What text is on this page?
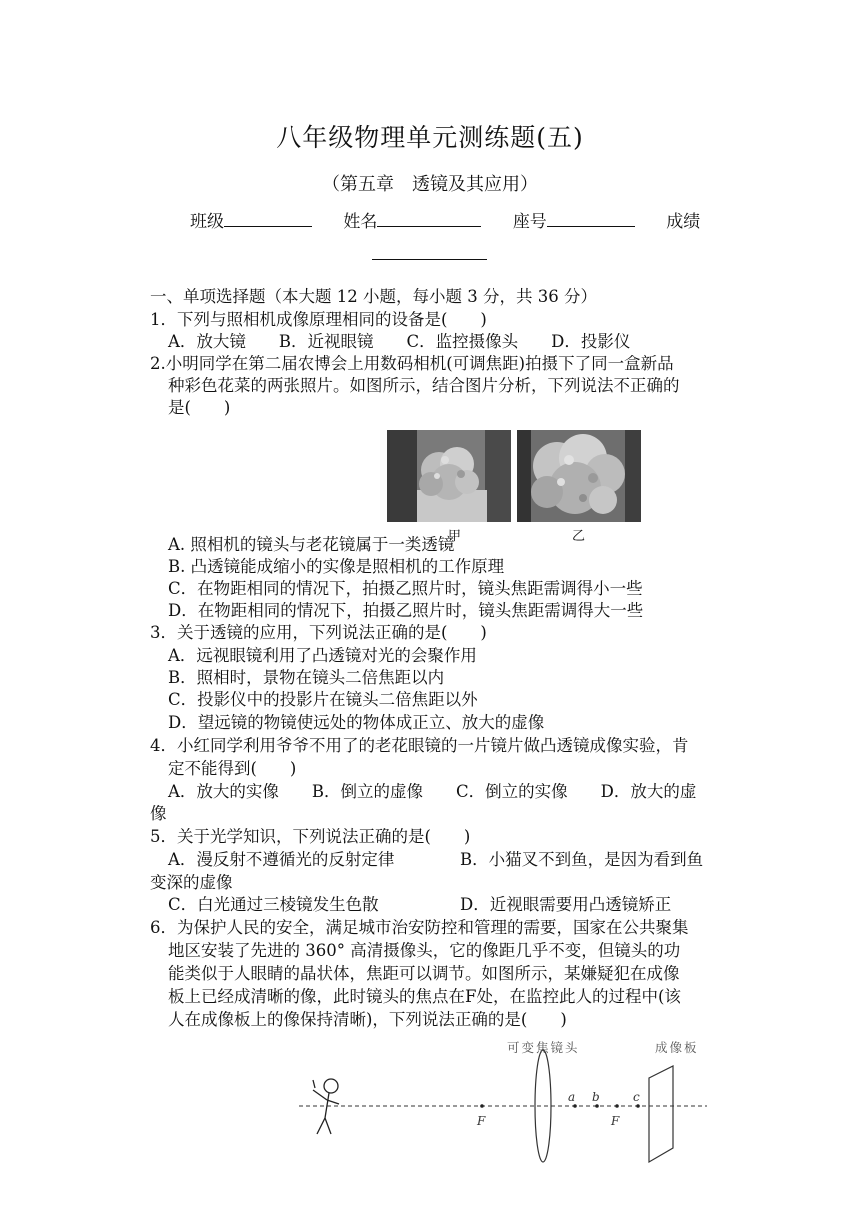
八年级物理单元测练题(五)
（第五章　透镜及其应用）
班级	姓名	座号	成绩
一、单项选择题（本大题 12 小题，每小题 3 分，共 36 分）
1．下列与照相机成像原理相同的设备是(　　)
A．放大镜　　B．近视眼镜　　C．监控摄像头　　D．投影仪
2.小明同学在第二届农博会上用数码相机(可调焦距)拍摄下了同一盒新品
种彩色花菜的两张照片。如图所示，结合图片分析，下列说法不正确的
是(　　)
甲	乙
A. 照相机的镜头与老花镜属于一类透镜
B. 凸透镜能成缩小的实像是照相机的工作原理
C．在物距相同的情况下，拍摄乙照片时，镜头焦距需调得小一些
D．在物距相同的情况下，拍摄乙照片时，镜头焦距需调得大一些
3．关于透镜的应用，下列说法正确的是(　　)
A．远视眼镜利用了凸透镜对光的会聚作用
B．照相时，景物在镜头二倍焦距以内
C．投影仪中的投影片在镜头二倍焦距以外
D．望远镜的物镜使远处的物体成正立、放大的虚像
4．小红同学利用爷爷不用了的老花眼镜的一片镜片做凸透镜成像实验，肯
定不能得到(　　)
A．放大的实像　　B．倒立的虚像　　C．倒立的实像　　D．放大的虚
像
5．关于光学知识，下列说法正确的是(　　)
A．漫反射不遵循光的反射定律	B．小猫叉不到鱼，是因为看到鱼
变深的虚像
C．白光通过三棱镜发生色散	D．近视眼需要用凸透镜矫正
6．为保护人民的安全，满足城市治安防控和管理的需要，国家在公共聚集
地区安装了先进的 360° 高清摄像头，它的像距几乎不变，但镜头的功
能类似于人眼睛的晶状体，焦距可以调节。如图所示，某嫌疑犯在成像
板上已经成清晰的像，此时镜头的焦点在F处，在监控此人的过程中(该
人在成像板上的像保持清晰)，下列说法正确的是(　　)
F
可变焦镜头
a b
F
c
成像板
